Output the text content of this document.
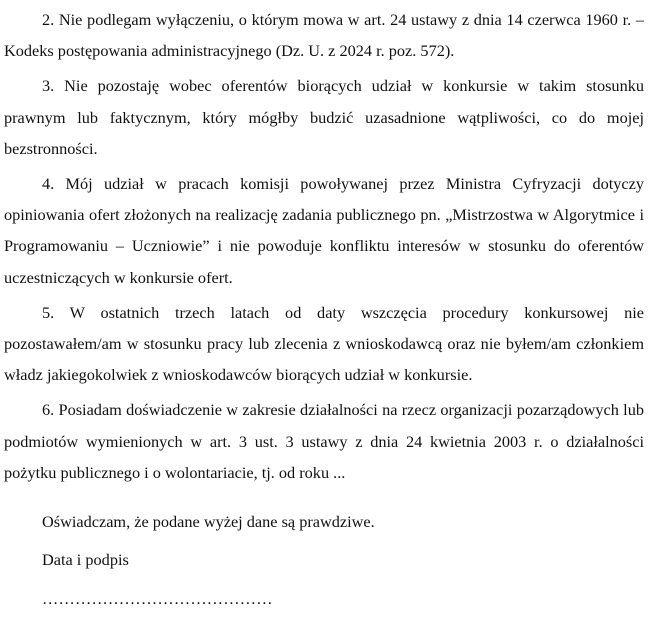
2. Nie podlegam wyłączeniu, o którym mowa w art. 24 ustawy z dnia 14 czerwca 1960 r. – Kodeks postępowania administracyjnego (Dz. U. z 2024 r. poz. 572).

3. Nie pozostaję wobec oferentów biorących udział w konkursie w takim stosunku prawnym lub faktycznym, który mógłby budzić uzasadnione wątpliwości, co do mojej bezstronności.

4. Mój udział w pracach komisji powoływanej przez Ministra Cyfryzacji dotyczy opiniowania ofert złożonych na realizację zadania publicznego pn. „Mistrzostwa w Algorytmice i Programowaniu – Uczniowie” i nie powoduje konfliktu interesów w stosunku do oferentów uczestniczących w konkursie ofert.

5. W ostatnich trzech latach od daty wszczęcia procedury konkursowej nie pozostawałem/am w stosunku pracy lub zlecenia z wnioskodawcą oraz nie byłem/am członkiem władz jakiegokolwiek z wnioskodawców biorących udział w konkursie.

6. Posiadam doświadczenie w zakresie działalności na rzecz organizacji pozarządowych lub podmiotów wymienionych w art. 3 ust. 3 ustawy z dnia 24 kwietnia 2003 r. o działalności pożytku publicznego i o wolontariacie, tj. od roku ...

Oświadczam, że podane wyżej dane są prawdziwe.

Data i podpis

……………………………………
